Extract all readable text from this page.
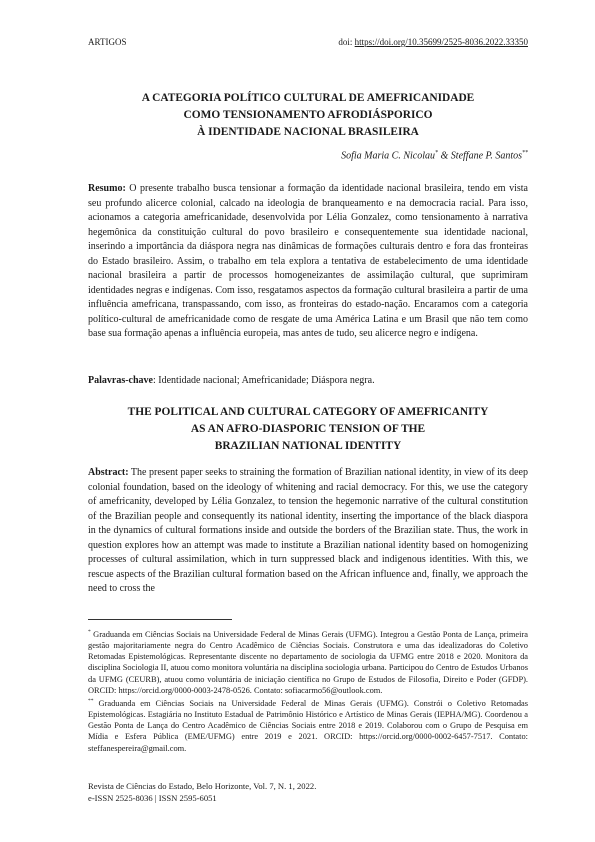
ARTIGOS	doi: https://doi.org/10.35699/2525-8036.2022.33350
A CATEGORIA POLÍTICO CULTURAL DE AMEFRICANIDADE
COMO TENSIONAMENTO AFRODIÁSPORICO
À IDENTIDADE NACIONAL BRASILEIRA
Sofia Maria C. Nicolau* & Steffane P. Santos**

Resumo: O presente trabalho busca tensionar a formação da identidade nacional brasileira, tendo em vista seu profundo alicerce colonial, calcado na ideologia de branqueamento e na democracia racial. Para isso, acionamos a categoria amefricanidade, desenvolvida por Lélia Gonzalez, como tensionamento à narrativa hegemônica da constituição cultural do povo brasileiro e consequentemente sua identidade nacional, inserindo a importância da diáspora negra nas dinâmicas de formações culturais dentro e fora das fronteiras do Estado brasileiro. Assim, o trabalho em tela explora a tentativa de estabelecimento de uma identidade nacional brasileira a partir de processos homogeneizantes de assimilação cultural, que suprimiram identidades negras e indígenas. Com isso, resgatamos aspectos da formação cultural brasileira a partir de uma influência amefricana, transpassando, com isso, as fronteiras do estado-nação. Encaramos com a categoria político-cultural de amefricanidade como de resgate de uma América Latina e um Brasil que não tem como base sua formação apenas a influência europeia, mas antes de tudo, seu alicerce negro e indígena.

Palavras-chave: Identidade nacional; Amefricanidade; Diáspora negra.
THE POLITICAL AND CULTURAL CATEGORY OF AMEFRICANITY
AS AN AFRO-DIASPORIC TENSION OF THE
BRAZILIAN NATIONAL IDENTITY

Abstract: The present paper seeks to straining the formation of Brazilian national identity, in view of its deep colonial foundation, based on the ideology of whitening and racial democracy. For this, we use the category of amefricanity, developed by Lélia Gonzalez, to tension the hegemonic narrative of the cultural constitution of the Brazilian people and consequently its national identity, inserting the importance of the black diaspora in the dynamics of cultural formations inside and outside the borders of the Brazilian state. Thus, the work in question explores how an attempt was made to institute a Brazilian national identity based on homogenizing processes of cultural assimilation, which in turn suppressed black and indigenous identities. With this, we rescue aspects of the Brazilian cultural formation based on the African influence and, finally, we approach the need to cross the

* Graduanda em Ciências Sociais na Universidade Federal de Minas Gerais (UFMG). Integrou a Gestão Ponta de Lança, primeira gestão majoritariamente negra do Centro Acadêmico de Ciências Sociais. Construtora e uma das idealizadoras do Coletivo Retomadas Epistemológicas. Representante discente no departamento de sociologia da UFMG entre 2018 e 2020. Monitora da disciplina Sociologia II, atuou como monitora voluntária na disciplina sociologia urbana. Participou do Centro de Estudos Urbanos da UFMG (CEURB), atuou como voluntária de iniciação científica no Grupo de Estudos de Filosofia, Direito e Poder (GFDP). ORCID: https://orcid.org/0000-0003-2478-0526. Contato: sofiacarmo56@outlook.com.

** Graduanda em Ciências Sociais na Universidade Federal de Minas Gerais (UFMG). Constrói o Coletivo Retomadas Epistemológicas. Estagiária no Instituto Estadual de Patrimônio Histórico e Artístico de Minas Gerais (IEPHA/MG). Coordenou a Gestão Ponta de Lança do Centro Acadêmico de Ciências Sociais entre 2018 e 2019. Colaborou com o Grupo de Pesquisa em Mídia e Esfera Pública (EME/UFMG) entre 2019 e 2021. ORCID: https://orcid.org/0000-0002-6457-7517. Contato: steffanespereira@gmail.com.

Revista de Ciências do Estado, Belo Horizonte, Vol. 7, N. 1, 2022.
e-ISSN 2525-8036 | ISSN 2595-6051
